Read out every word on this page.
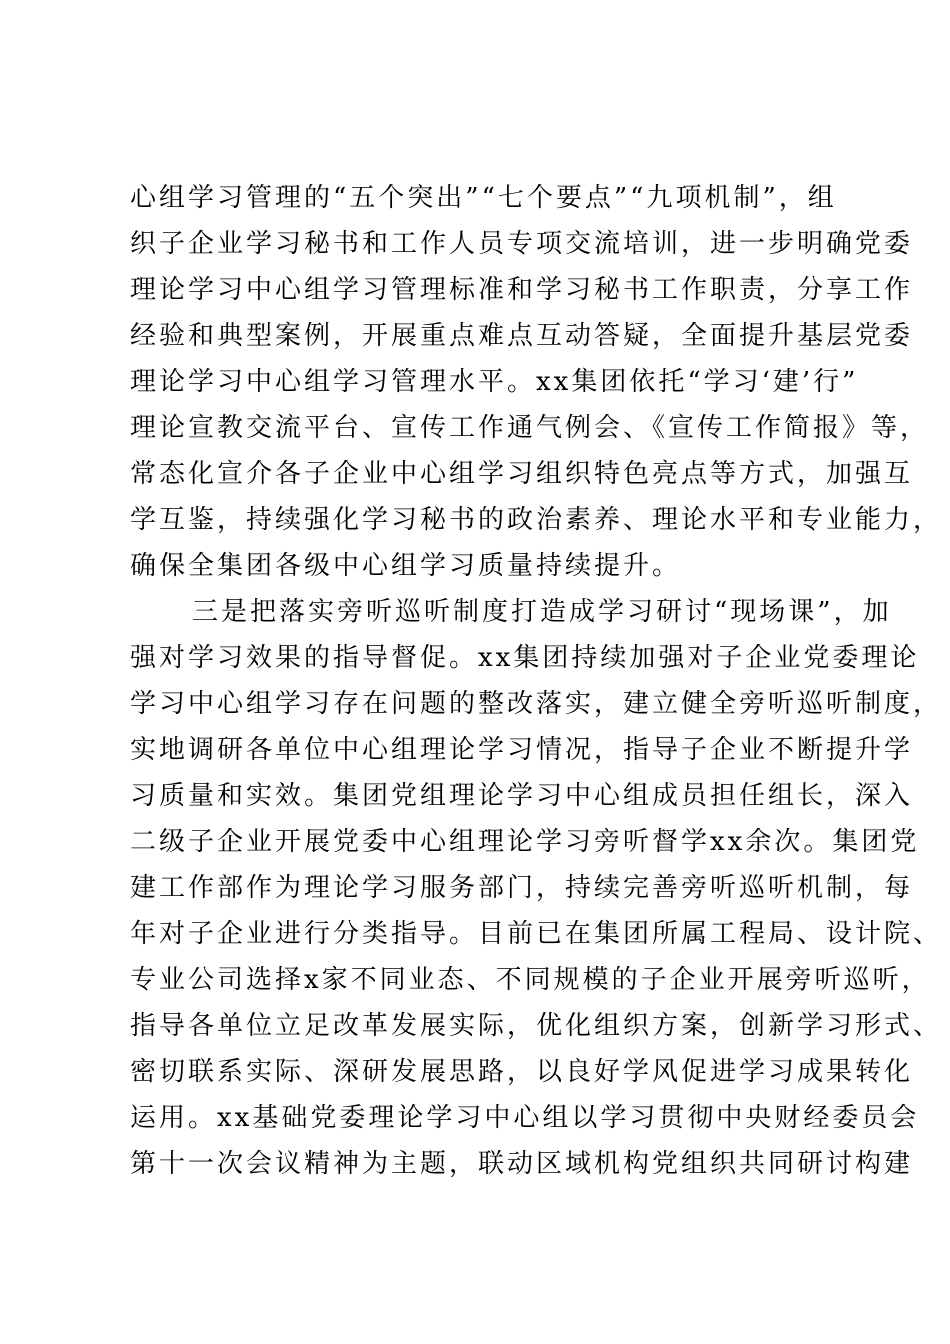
心组学习管理的“五个突出”“七个要点”“九项机制”，组
织子企业学习秘书和工作人员专项交流培训，进一步明确党委
理论学习中心组学习管理标准和学习秘书工作职责，分享工作
经验和典型案例，开展重点难点互动答疑，全面提升基层党委
理论学习中心组学习管理水平。xx集团依托“学习‘建’行”
理论宣教交流平台、宣传工作通气例会、《宣传工作简报》等，
常态化宣介各子企业中心组学习组织特色亮点等方式，加强互
学互鉴，持续强化学习秘书的政治素养、理论水平和专业能力，
确保全集团各级中心组学习质量持续提升。
三是把落实旁听巡听制度打造成学习研讨“现场课”，加
强对学习效果的指导督促。xx集团持续加强对子企业党委理论
学习中心组学习存在问题的整改落实，建立健全旁听巡听制度，
实地调研各单位中心组理论学习情况，指导子企业不断提升学
习质量和实效。集团党组理论学习中心组成员担任组长，深入
二级子企业开展党委中心组理论学习旁听督学xx余次。集团党
建工作部作为理论学习服务部门，持续完善旁听巡听机制，每
年对子企业进行分类指导。目前已在集团所属工程局、设计院、
专业公司选择x家不同业态、不同规模的子企业开展旁听巡听，
指导各单位立足改革发展实际，优化组织方案，创新学习形式、
密切联系实际、深研发展思路，以良好学风促进学习成果转化
运用。xx基础党委理论学习中心组以学习贯彻中央财经委员会
第十一次会议精神为主题，联动区域机构党组织共同研讨构建
